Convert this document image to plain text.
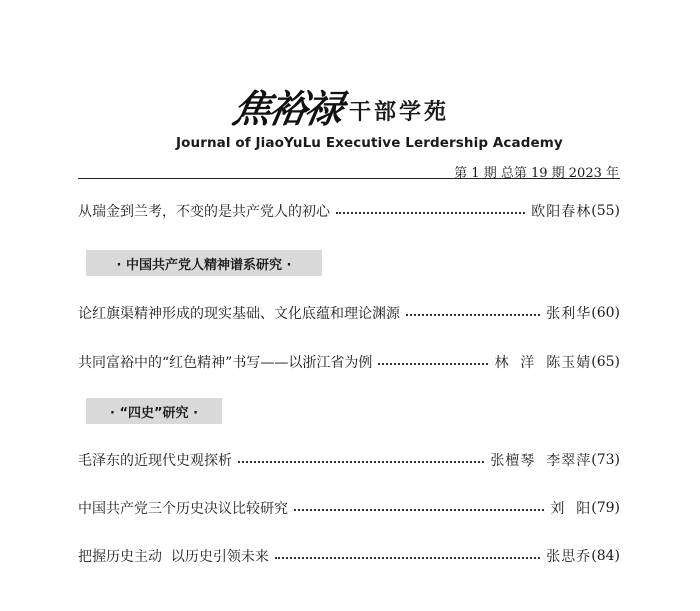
焦裕禄 干部学苑
Journal of JiaoYuLu Executive Lerdership Academy
第 1 期 总第 19 期 2023 年
从瑞金到兰考，不变的是共产党人的初心	欧阳春林 (55)
· 中国共产党人精神谱系研究 ·
论红旗渠精神形成的现实基础、文化底蕴和理论渊源	张利华 (60)
共同富裕中的“红色精神”书写——以浙江省为例	林  洋  陈玉婧 (65)
· “四史”研究 ·
毛泽东的近现代史观探析	张檀琴  李翠萍 (73)
中国共产党三个历史决议比较研究	刘  阳 (79)
把握历史主动  以历史引领未来	张思乔 (84)
